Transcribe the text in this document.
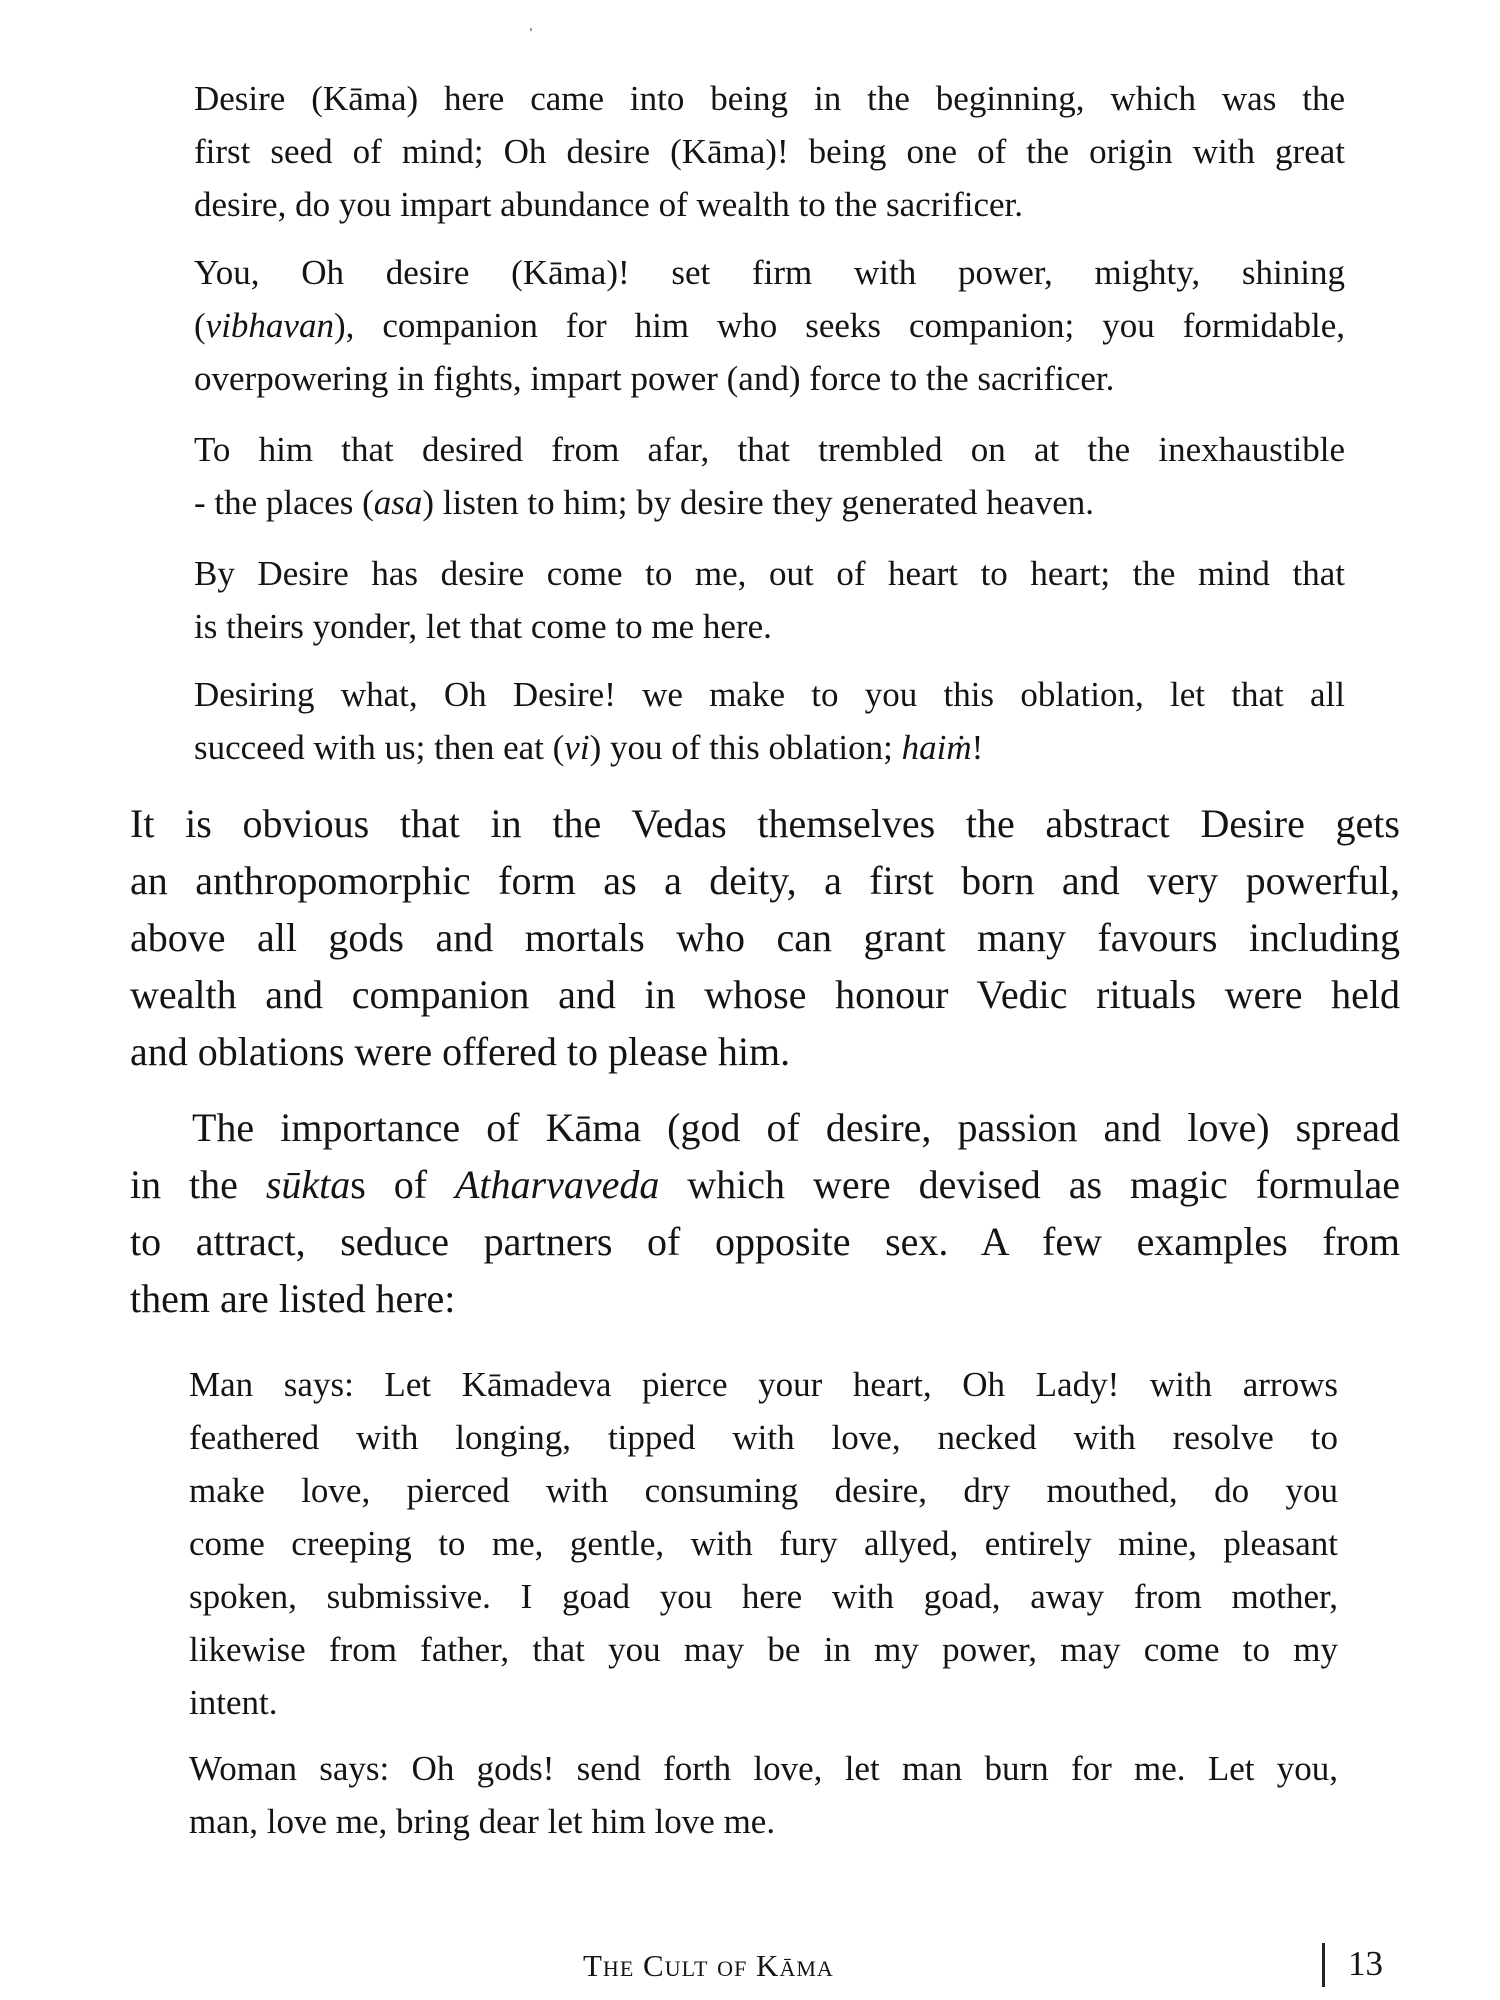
Desire (Kāma) here came into being in the beginning, which was the
first seed of mind; Oh desire (Kāma)! being one of the origin with great
desire, do you impart abundance of wealth to the sacrificer.
You, Oh desire (Kāma)! set firm with power, mighty, shining
(vibhavan), companion for him who seeks companion; you formidable,
overpowering in fights, impart power (and) force to the sacrificer.
To him that desired from afar, that trembled on at the inexhaustible
- the places (asa) listen to him; by desire they generated heaven.
By Desire has desire come to me, out of heart to heart; the mind that
is theirs yonder, let that come to me here.
Desiring what, Oh Desire! we make to you this oblation, let that all
succeed with us; then eat (vi) you of this oblation; haiṁ!
It is obvious that in the Vedas themselves the abstract Desire gets
an anthropomorphic form as a deity, a first born and very powerful,
above all gods and mortals who can grant many favours including
wealth and companion and in whose honour Vedic rituals were held
and oblations were offered to please him.
The importance of Kāma (god of desire, passion and love) spread
in the sūktas of Atharvaveda which were devised as magic formulae
to attract, seduce partners of opposite sex. A few examples from
them are listed here:
Man says: Let Kāmadeva pierce your heart, Oh Lady! with arrows
feathered with longing, tipped with love, necked with resolve to
make love, pierced with consuming desire, dry mouthed, do you
come creeping to me, gentle, with fury allyed, entirely mine, pleasant
spoken, submissive. I goad you here with goad, away from mother,
likewise from father, that you may be in my power, may come to my
intent.
Woman says: Oh gods! send forth love, let man burn for me. Let you,
man, love me, bring dear let him love me.
The Cult of Kāma	13
